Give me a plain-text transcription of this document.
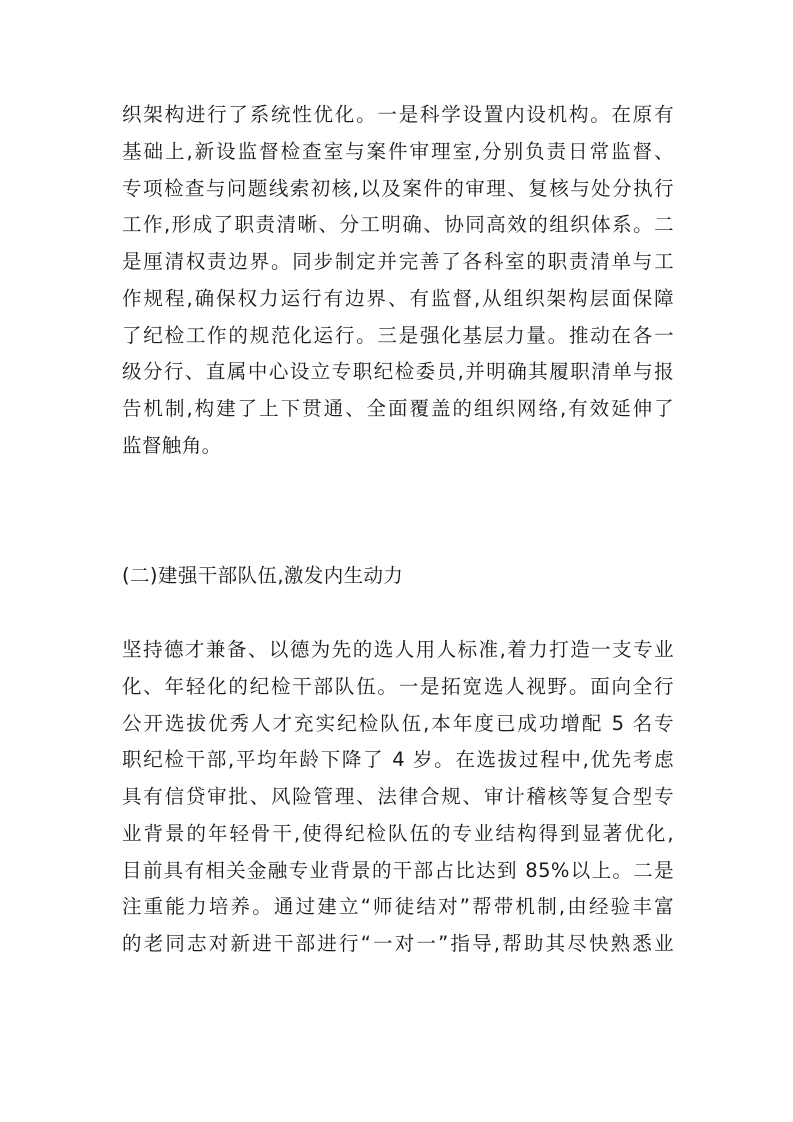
织架构进行了系统性优化。一是科学设置内设机构。在原有
基础上,新设监督检查室与案件审理室,分别负责日常监督、
专项检查与问题线索初核,以及案件的审理、复核与处分执行
工作,形成了职责清晰、分工明确、协同高效的组织体系。二
是厘清权责边界。同步制定并完善了各科室的职责清单与工
作规程,确保权力运行有边界、有监督,从组织架构层面保障
了纪检工作的规范化运行。三是强化基层力量。推动在各一
级分行、直属中心设立专职纪检委员,并明确其履职清单与报
告机制,构建了上下贯通、全面覆盖的组织网络,有效延伸了
监督触角。
(二)建强干部队伍,激发内生动力
坚持德才兼备、以德为先的选人用人标准,着力打造一支专业
化、年轻化的纪检干部队伍。一是拓宽选人视野。面向全行
公开选拔优秀人才充实纪检队伍,本年度已成功增配 5 名专
职纪检干部,平均年龄下降了 4 岁。在选拔过程中,优先考虑
具有信贷审批、风险管理、法律合规、审计稽核等复合型专
业背景的年轻骨干,使得纪检队伍的专业结构得到显著优化,
目前具有相关金融专业背景的干部占比达到 85%以上。二是
注重能力培养。通过建立“师徒结对”帮带机制,由经验丰富
的老同志对新进干部进行“一对一”指导,帮助其尽快熟悉业
